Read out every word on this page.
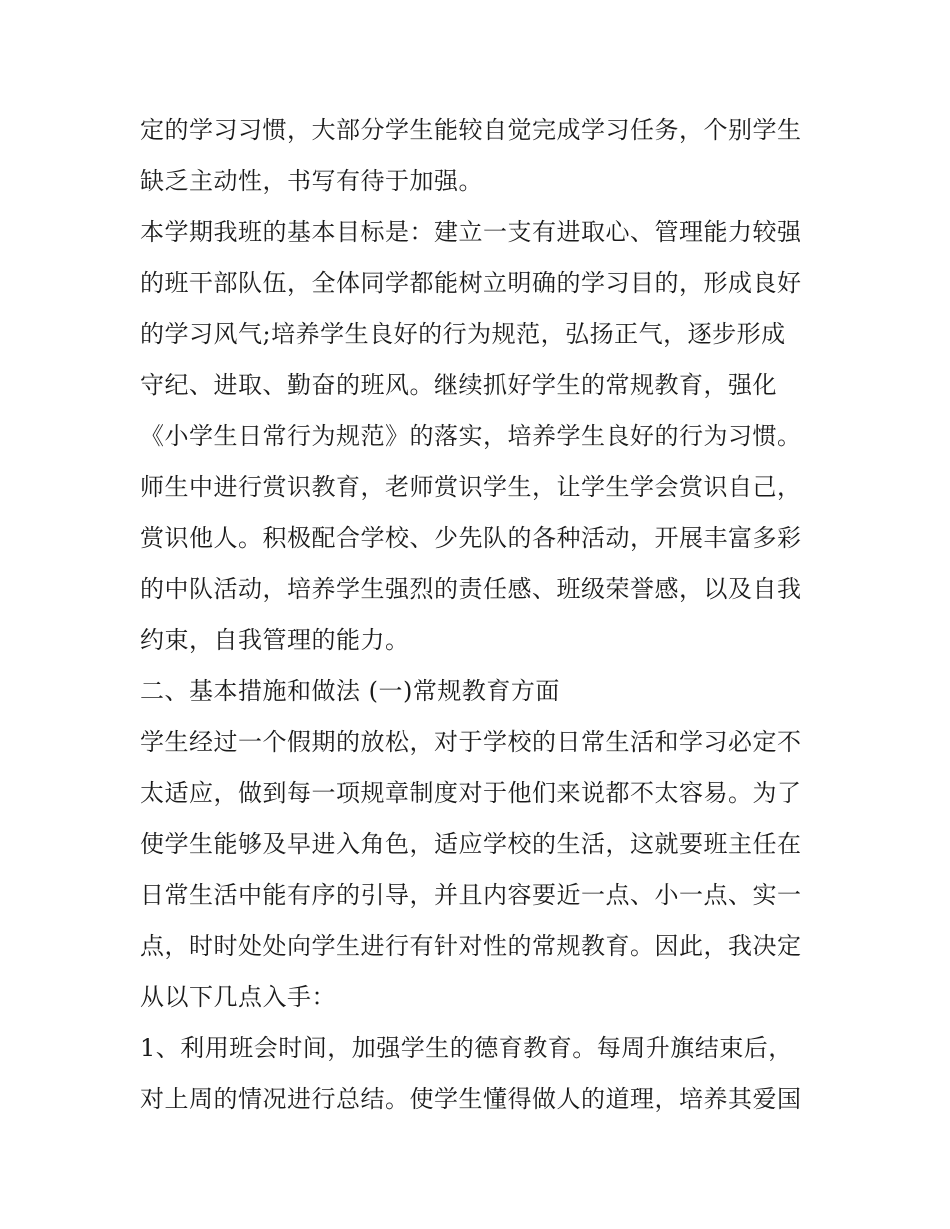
定的学习习惯，大部分学生能较自觉完成学习任务，个别学生
缺乏主动性，书写有待于加强。
本学期我班的基本目标是：建立一支有进取心、管理能力较强
的班干部队伍，全体同学都能树立明确的学习目的，形成良好
的学习风气;培养学生良好的行为规范，弘扬正气，逐步形成
守纪、进取、勤奋的班风。继续抓好学生的常规教育，强化
《小学生日常行为规范》的落实，培养学生良好的行为习惯。
师生中进行赏识教育，老师赏识学生，让学生学会赏识自己，
赏识他人。积极配合学校、少先队的各种活动，开展丰富多彩
的中队活动，培养学生强烈的责任感、班级荣誉感，以及自我
约束，自我管理的能力。
二、基本措施和做法 (一)常规教育方面
学生经过一个假期的放松，对于学校的日常生活和学习必定不
太适应，做到每一项规章制度对于他们来说都不太容易。为了
使学生能够及早进入角色，适应学校的生活，这就要班主任在
日常生活中能有序的引导，并且内容要近一点、小一点、实一
点，时时处处向学生进行有针对性的常规教育。因此，我决定
从以下几点入手：
1、利用班会时间，加强学生的德育教育。每周升旗结束后，
对上周的情况进行总结。使学生懂得做人的道理，培养其爱国
